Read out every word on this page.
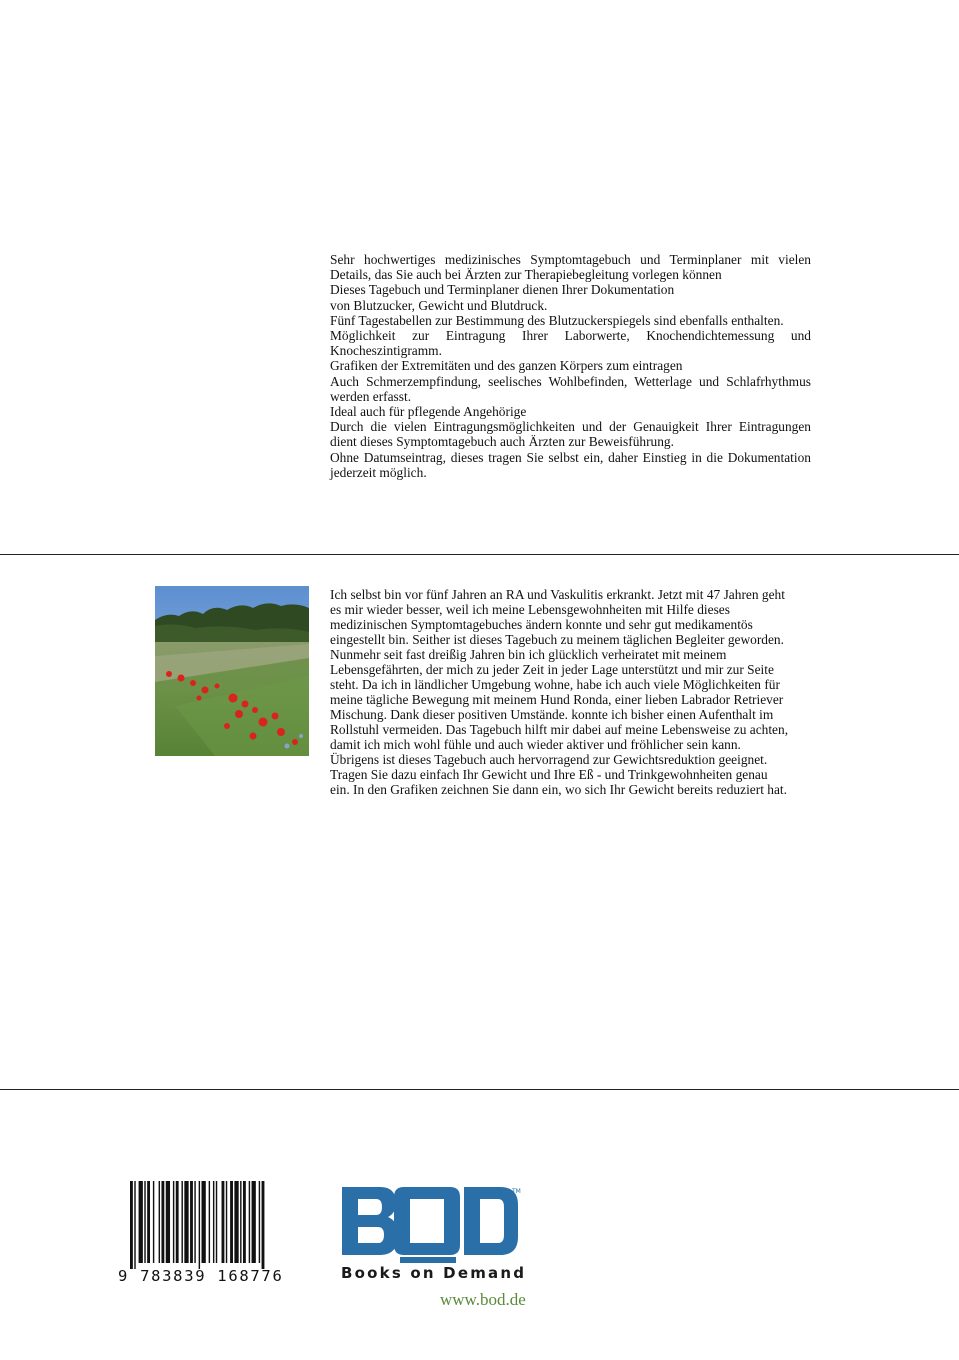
Sehr hochwertiges medizinisches Symptomtagebuch und Terminplaner mit vielen Details, das Sie auch bei Ärzten zur Therapiebegleitung vorlegen können

Dieses Tagebuch und Terminplaner dienen Ihrer Dokumentation

von Blutzucker, Gewicht und Blutdruck.

Fünf Tagestabellen zur Bestimmung des Blutzuckerspiegels sind ebenfalls enthalten.

Möglichkeit zur Eintragung Ihrer Laborwerte, Knochendichtemessung und Knocheszintigramm.

Grafiken der Extremitäten und des ganzen Körpers zum eintragen

Auch Schmerzempfindung, seelisches Wohlbefinden, Wetterlage und Schlafrhythmus werden erfasst.

Ideal auch für pflegende Angehörige

Durch die vielen Eintragungsmöglichkeiten und der Genauigkeit Ihrer Eintragungen dient dieses Symptomtagebuch auch Ärzten zur Beweisführung.

Ohne Datumseintrag, dieses tragen Sie selbst ein, daher Einstieg in die Dokumentation jederzeit möglich.

Ich selbst bin vor fünf Jahren an RA und Vaskulitis erkrankt. Jetzt mit 47 Jahren geht es mir wieder besser, weil ich meine Lebensgewohnheiten mit Hilfe dieses medizinischen Symptomtagebuches ändern konnte und sehr gut medikamentös eingestellt bin. Seither ist dieses Tagebuch zu meinem täglichen Begleiter geworden. Nunmehr seit fast dreißig Jahren bin ich glücklich verheiratet mit meinem Lebensgefährten, der mich zu jeder Zeit in jeder Lage unterstützt und mir zur Seite steht. Da ich in ländlicher Umgebung wohne, habe ich auch viele Möglichkeiten für meine tägliche Bewegung mit meinem Hund Ronda, einer lieben Labrador Retriever Mischung. Dank dieser positiven Umstände. konnte ich bisher einen Aufenthalt im Rollstuhl vermeiden. Das Tagebuch hilft mir dabei auf meine Lebensweise zu achten, damit ich mich wohl fühle und auch wieder aktiver und fröhlicher sein kann.

Übrigens ist dieses Tagebuch auch hervorragend zur Gewichtsreduktion geeignet. Tragen Sie dazu einfach Ihr Gewicht und Ihre Eß - und Trinkgewohnheiten genau ein. In den Grafiken zeichnen Sie dann ein, wo sich Ihr Gewicht bereits reduziert hat.

9 783839 168776
TM
Books on Demand
www.bod.de
